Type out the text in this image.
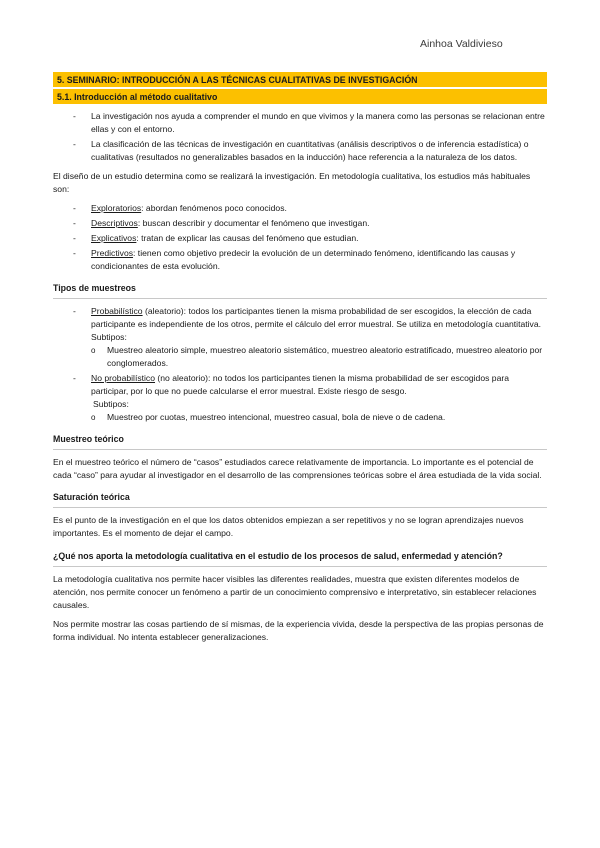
Ainhoa Valdivieso
5. SEMINARIO: INTRODUCCIÓN A LAS TÉCNICAS CUALITATIVAS DE INVESTIGACIÓN
5.1. Introducción al método cualitativo
- La investigación nos ayuda a comprender el mundo en que vivimos y la manera como las personas se relacionan entre ellas y con el entorno.
- La clasificación de las técnicas de investigación en cuantitativas (análisis descriptivos o de inferencia estadística) o cualitativas (resultados no generalizables basados en la inducción) hace referencia a la naturaleza de los datos.

El diseño de un estudio determina como se realizará la investigación. En metodología cualitativa, los estudios más habituales son:

- Exploratorios: abordan fenómenos poco conocidos.
- Descriptivos: buscan describir y documentar el fenómeno que investigan.
- Explicativos: tratan de explicar las causas del fenómeno que estudian.
- Predictivos: tienen como objetivo predecir la evolución de un determinado fenómeno, identificando las causas y condicionantes de esta evolución.
Tipos de muestreos
- Probabilístico (aleatorio): todos los participantes tienen la misma probabilidad de ser escogidos, la elección de cada participante es independiente de los otros, permite el cálculo del error muestral. Se utiliza en metodología cuantitativa. Subtipos:
o Muestreo aleatorio simple, muestreo aleatorio sistemático, muestreo aleatorio estratificado, muestreo aleatorio por conglomerados.
- No probabilístico (no aleatorio): no todos los participantes tienen la misma probabilidad de ser escogidos para participar, por lo que no puede calcularse el error muestral. Existe riesgo de sesgo.
Subtipos:
o Muestreo por cuotas, muestreo intencional, muestreo casual, bola de nieve o de cadena.
Muestreo teórico

En el muestreo teórico el número de “casos” estudiados carece relativamente de importancia. Lo importante es el potencial de cada “caso” para ayudar al investigador en el desarrollo de las comprensiones teóricas sobre el área estudiada de la vida social.

Saturación teórica

Es el punto de la investigación en el que los datos obtenidos empiezan a ser repetitivos y no se logran aprendizajes nuevos importantes. Es el momento de dejar el campo.

¿Qué nos aporta la metodología cualitativa en el estudio de los procesos de salud, enfermedad y atención?

La metodología cualitativa nos permite hacer visibles las diferentes realidades, muestra que existen diferentes modelos de atención, nos permite conocer un fenómeno a partir de un conocimiento comprensivo e interpretativo, sin establecer relaciones causales.

Nos permite mostrar las cosas partiendo de sí mismas, de la experiencia vivida, desde la perspectiva de las propias personas de forma individual. No intenta establecer generalizaciones.
